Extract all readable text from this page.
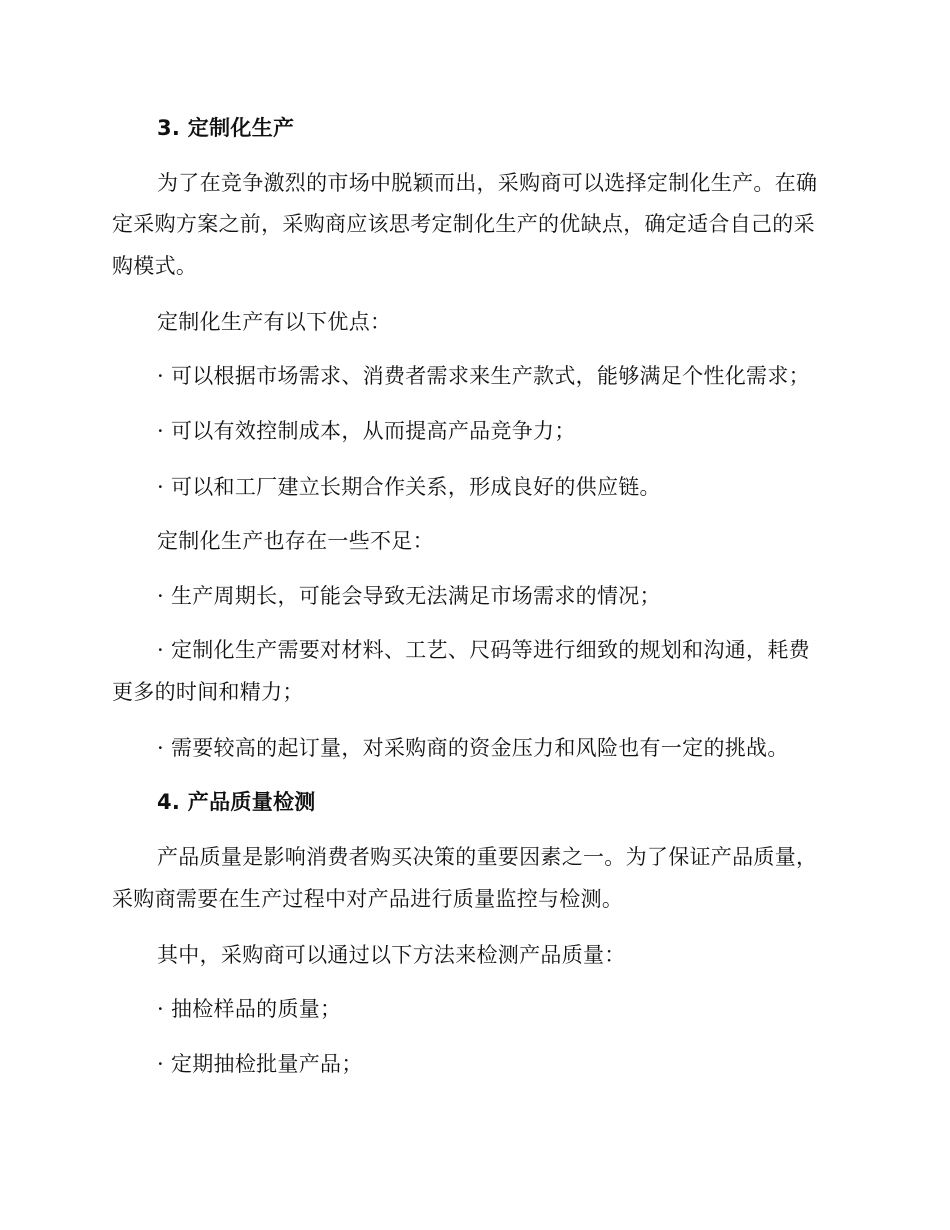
3. 定制化生产
为了在竞争激烈的市场中脱颖而出，采购商可以选择定制化生产。在确
定采购方案之前，采购商应该思考定制化生产的优缺点，确定适合自己的采
购模式。
定制化生产有以下优点：
· 可以根据市场需求、消费者需求来生产款式，能够满足个性化需求；
· 可以有效控制成本，从而提高产品竞争力；
· 可以和工厂建立长期合作关系，形成良好的供应链。
定制化生产也存在一些不足：
· 生产周期长，可能会导致无法满足市场需求的情况；
· 定制化生产需要对材料、工艺、尺码等进行细致的规划和沟通，耗费
更多的时间和精力；
· 需要较高的起订量，对采购商的资金压力和风险也有一定的挑战。
4. 产品质量检测
产品质量是影响消费者购买决策的重要因素之一。为了保证产品质量，
采购商需要在生产过程中对产品进行质量监控与检测。
其中，采购商可以通过以下方法来检测产品质量：
· 抽检样品的质量；
· 定期抽检批量产品；
